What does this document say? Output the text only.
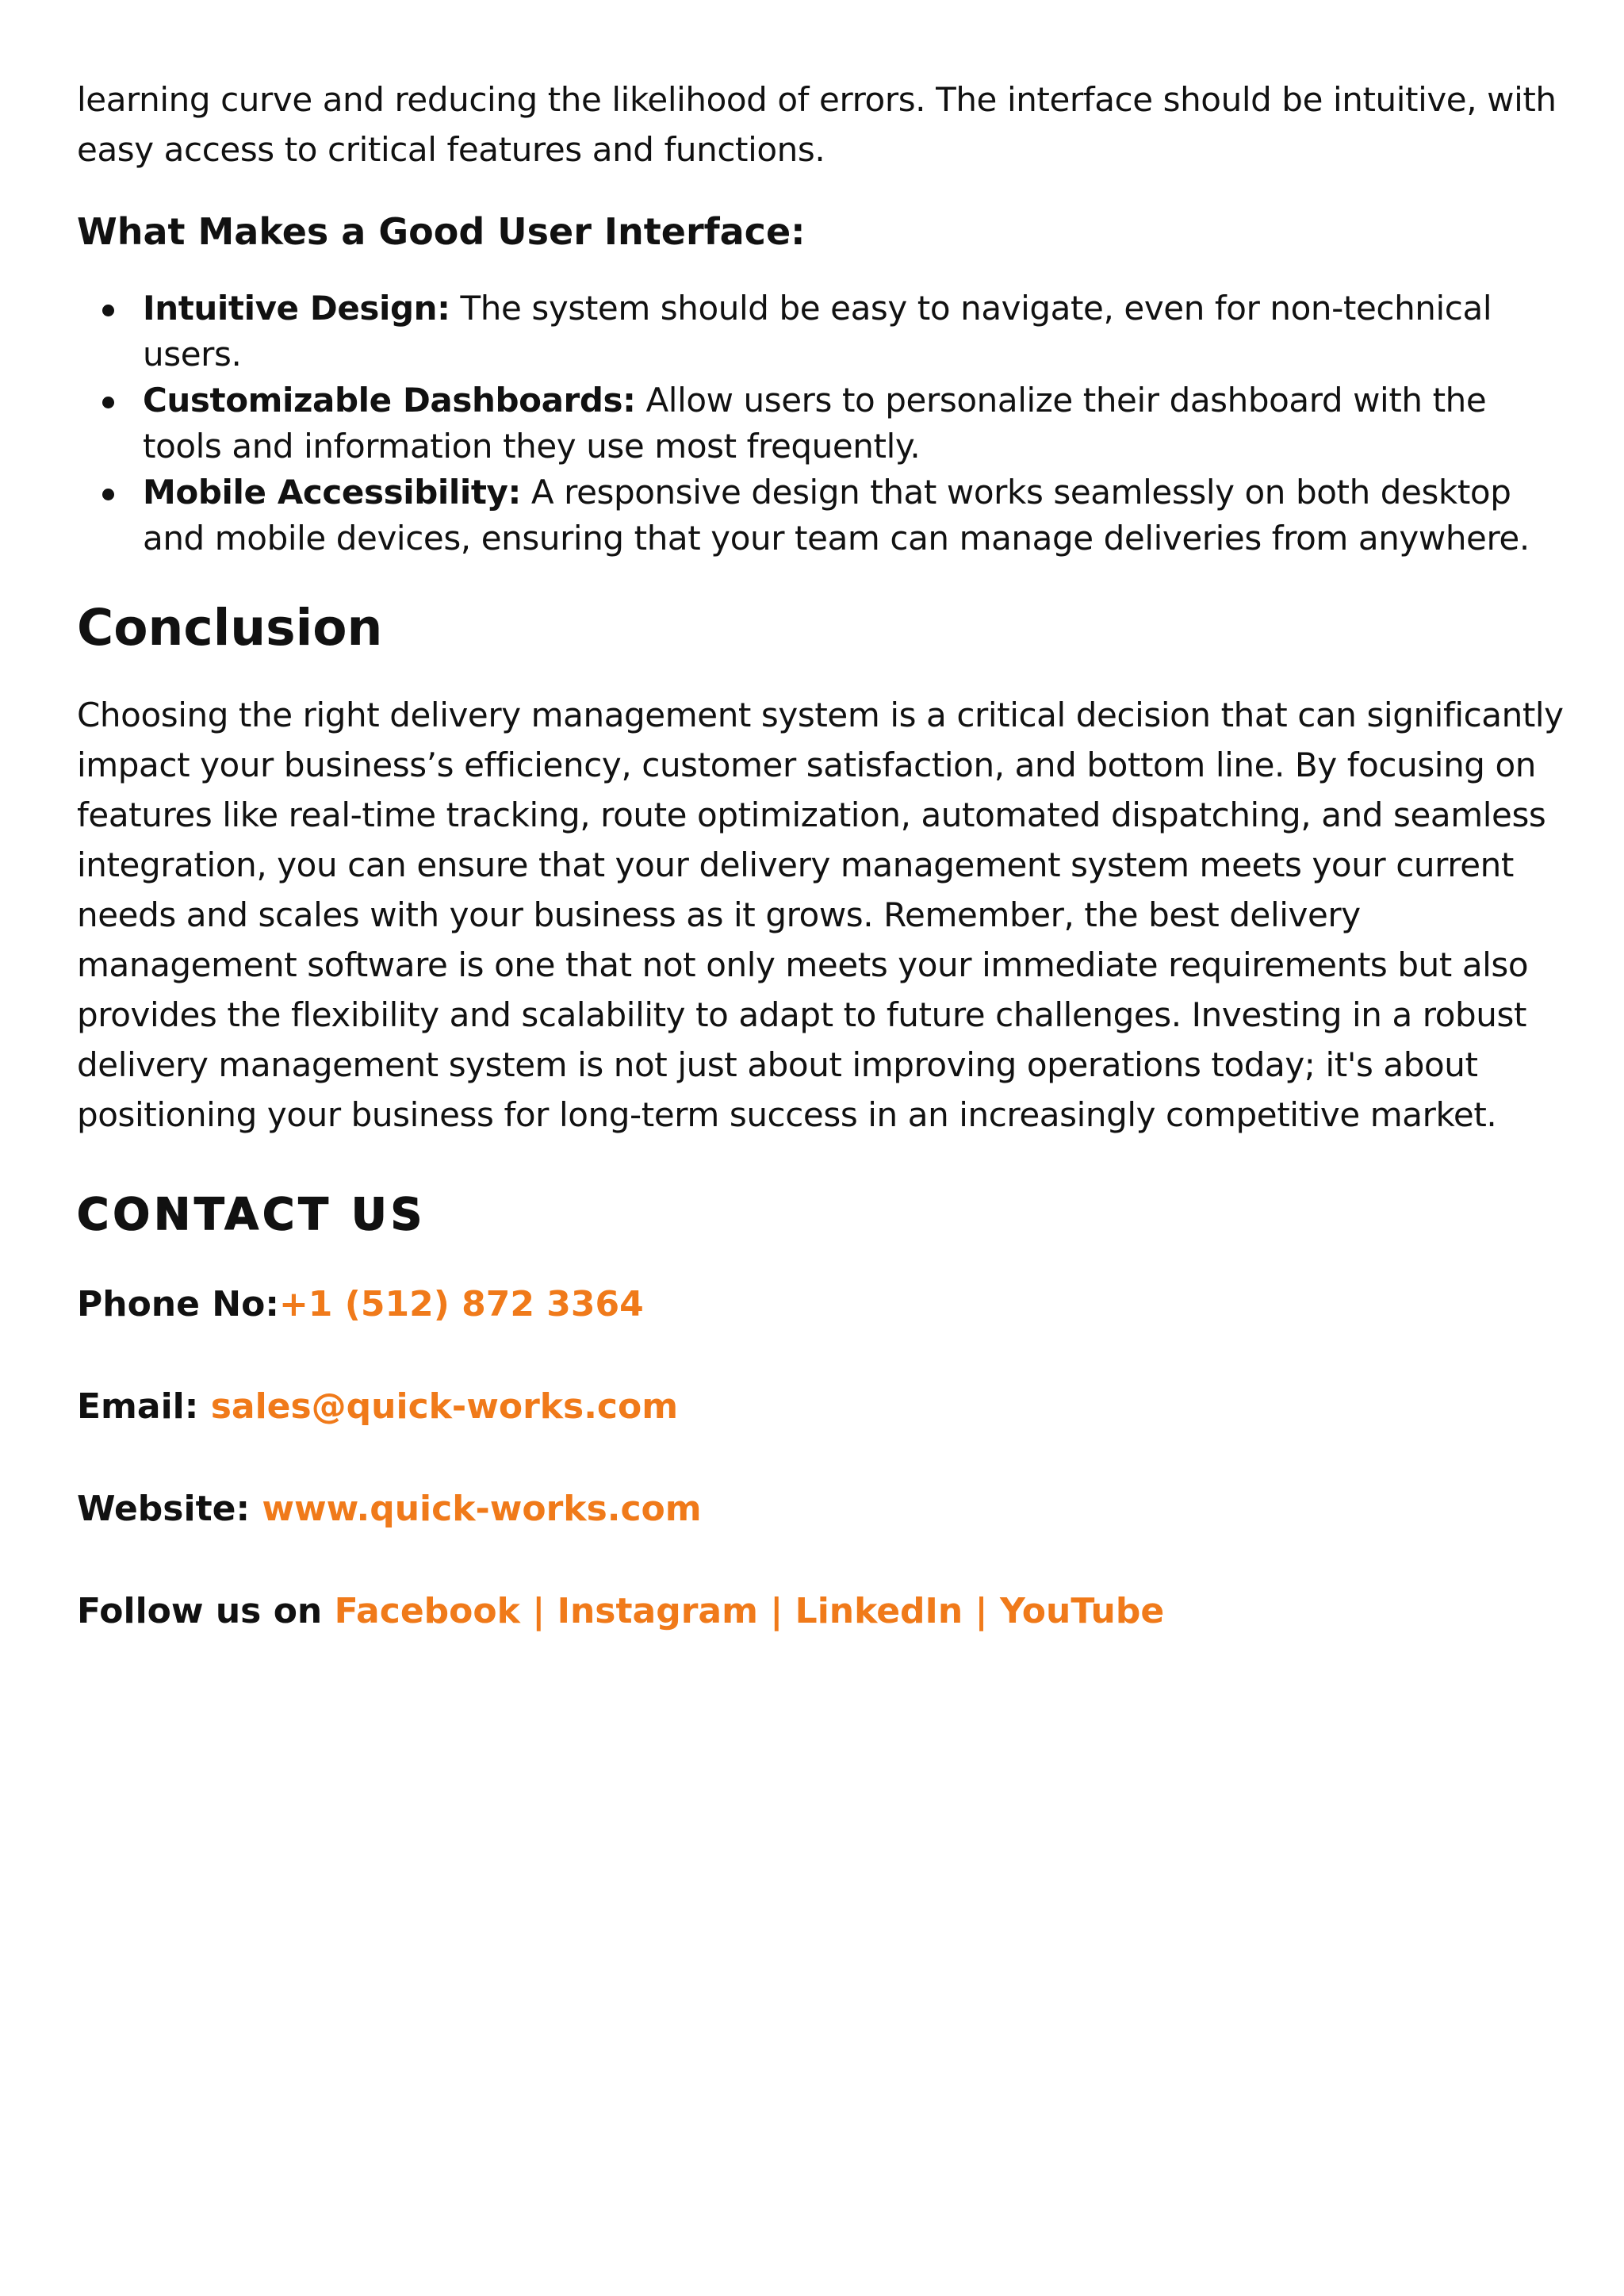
learning curve and reducing the likelihood of errors. The interface should be intuitive, with easy access to critical features and functions.

What Makes a Good User Interface:
Intuitive Design: The system should be easy to navigate, even for non-technical users.
Customizable Dashboards: Allow users to personalize their dashboard with the tools and information they use most frequently.
Mobile Accessibility: A responsive design that works seamlessly on both desktop and mobile devices, ensuring that your team can manage deliveries from anywhere.
Conclusion

Choosing the right delivery management system is a critical decision that can significantly impact your business’s efficiency, customer satisfaction, and bottom line. By focusing on features like real-time tracking, route optimization, automated dispatching, and seamless integration, you can ensure that your delivery management system meets your current needs and scales with your business as it grows. Remember, the best delivery management software is one that not only meets your immediate requirements but also provides the flexibility and scalability to adapt to future challenges. Investing in a robust delivery management system is not just about improving operations today; it's about positioning your business for long-term success in an increasingly competitive market.

CONTACT US
Phone No:+1 (512) 872 3364
Email: sales@quick-works.com
Website: www.quick-works.com
Follow us on Facebook | Instagram | LinkedIn | YouTube
